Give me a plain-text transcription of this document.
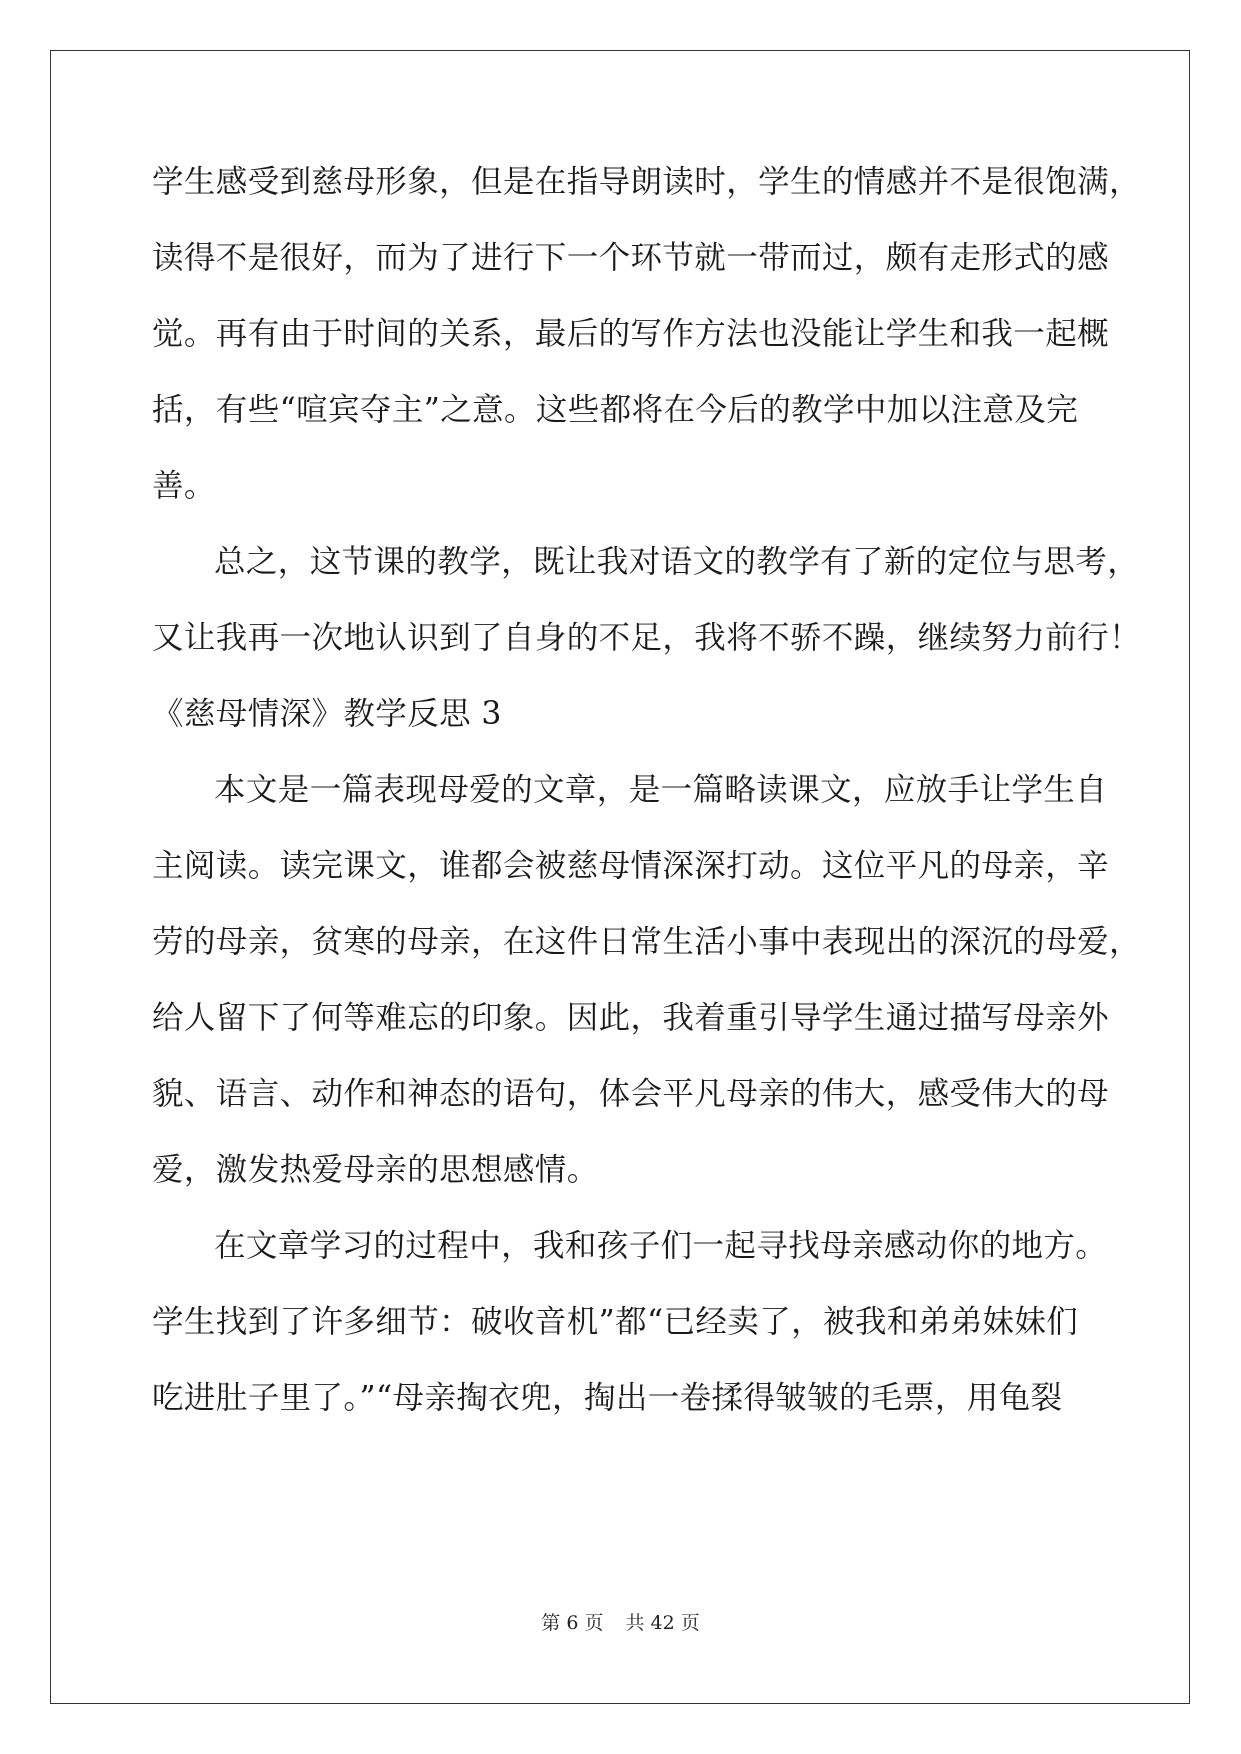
学生感受到慈母形象，但是在指导朗读时，学生的情感并不是很饱满，
读得不是很好，而为了进行下一个环节就一带而过，颇有走形式的感
觉。再有由于时间的关系，最后的写作方法也没能让学生和我一起概
括，有些“喧宾夺主”之意。这些都将在今后的教学中加以注意及完
善。
总之，这节课的教学，既让我对语文的教学有了新的定位与思考，
又让我再一次地认识到了自身的不足，我将不骄不躁，继续努力前行！
《慈母情深》教学反思 3
本文是一篇表现母爱的文章，是一篇略读课文，应放手让学生自
主阅读。读完课文，谁都会被慈母情深深打动。这位平凡的母亲，辛
劳的母亲，贫寒的母亲，在这件日常生活小事中表现出的深沉的母爱，
给人留下了何等难忘的印象。因此，我着重引导学生通过描写母亲外
貌、语言、动作和神态的语句，体会平凡母亲的伟大，感受伟大的母
爱，激发热爱母亲的思想感情。
在文章学习的过程中，我和孩子们一起寻找母亲感动你的地方。
学生找到了许多细节：破收音机”都“已经卖了，被我和弟弟妹妹们
吃进肚子里了。”“母亲掏衣兜，掏出一卷揉得皱皱的毛票，用龟裂
第 6 页 共 42 页
